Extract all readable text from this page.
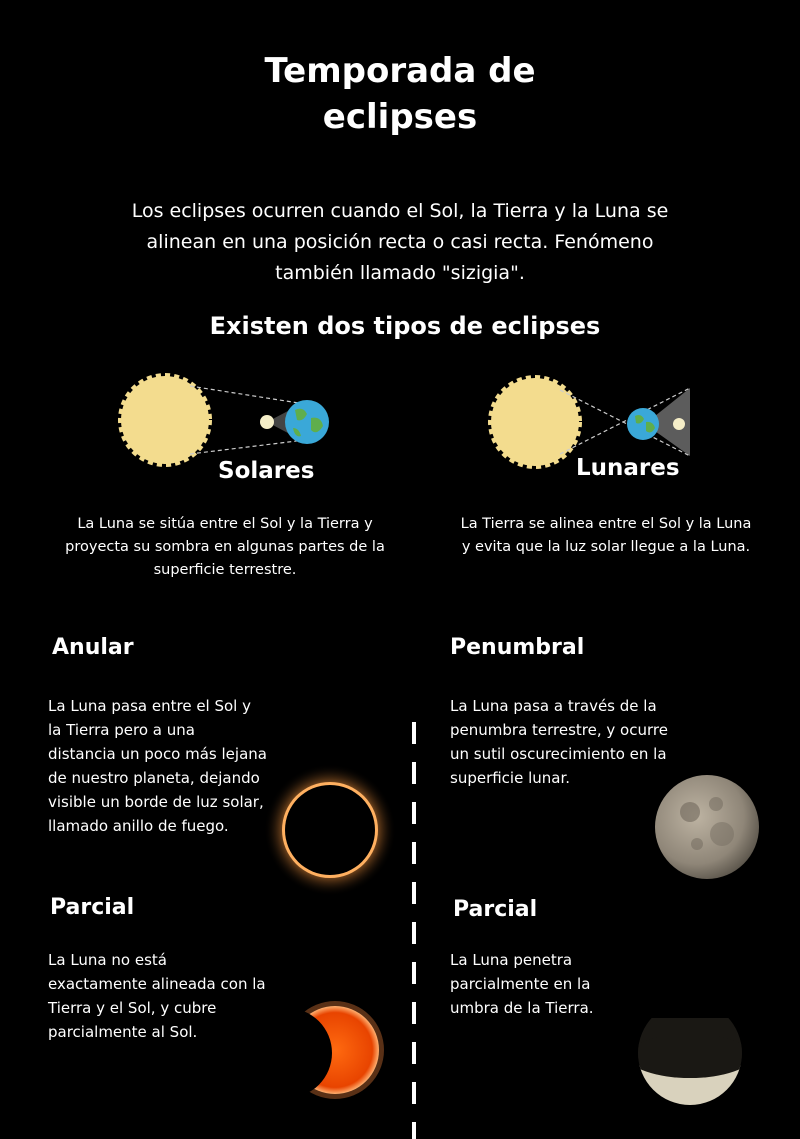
Temporada de
eclipses
Los eclipses ocurren cuando el Sol, la Tierra y la Luna se
alinean en una posición recta o casi recta. Fenómeno
también llamado "sizigia".
Existen dos tipos de eclipses
Solares	Lunares
La Luna se sitúa entre el Sol y la Tierra y
proyecta su sombra en algunas partes de la
superficie terrestre.
La Tierra se alinea entre el Sol y la Luna
y evita que la luz solar llegue a la Luna.
Anular
La Luna pasa entre el Sol y
la Tierra pero a una
distancia un poco más lejana
de nuestro planeta, dejando
visible un borde de luz solar,
llamado anillo de fuego.
Penumbral
La Luna pasa a través de la
penumbra terrestre, y ocurre
un sutil oscurecimiento en la
superficie lunar.
Parcial
La Luna no está
exactamente alineada con la
Tierra y el Sol, y cubre
parcialmente al Sol.
Parcial
La Luna penetra
parcialmente en la
umbra de la Tierra.
